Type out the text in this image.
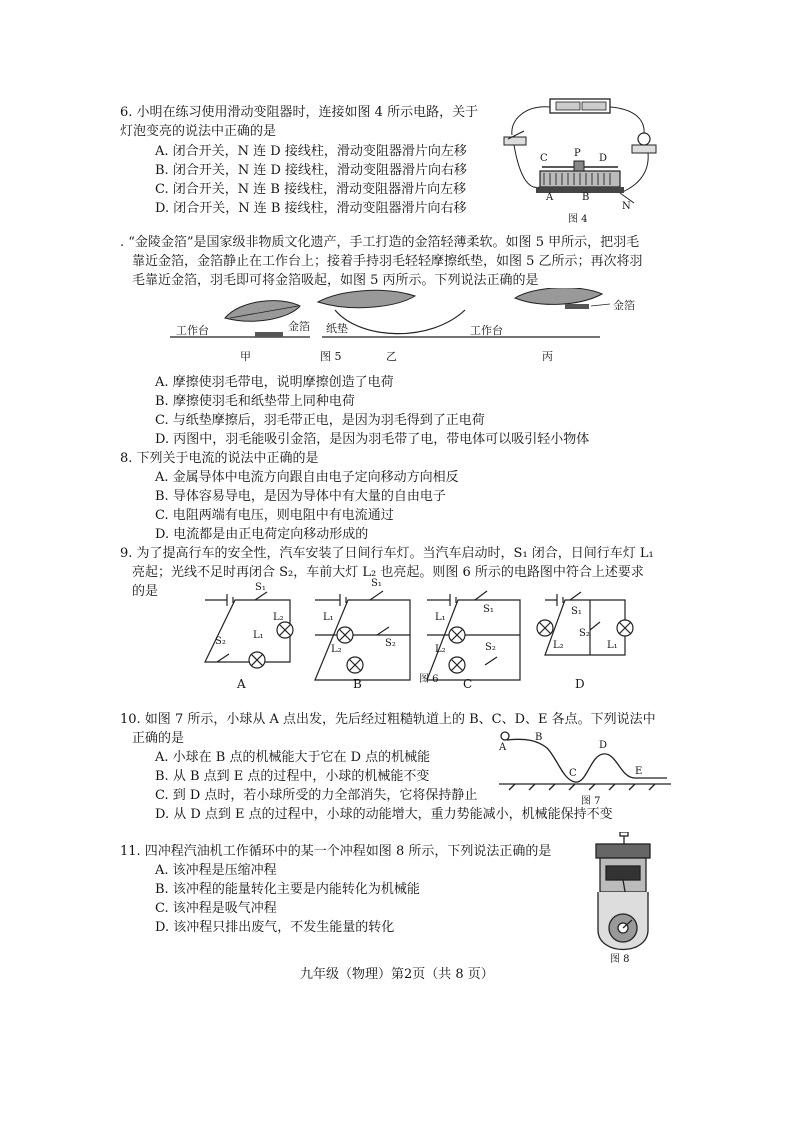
6. 小明在练习使用滑动变阻器时，连接如图 4 所示电路，关于
灯泡变亮的说法中正确的是
A. 闭合开关，N 连 D 接线柱，滑动变阻器滑片向左移
B. 闭合开关，N 连 D 接线柱，滑动变阻器滑片向右移
C. 闭合开关，N 连 B 接线柱，滑动变阻器滑片向左移
D. 闭合开关，N 连 B 接线柱，滑动变阻器滑片向右移
C	P D
A	B
N
图 4
. “金陵金箔”是国家级非物质文化遗产，手工打造的金箔轻薄柔软。如图 5 甲所示，把羽毛
靠近金箔，金箔静止在工作台上；接着手持羽毛轻轻摩擦纸垫，如图 5 乙所示；再次将羽
毛靠近金箔，羽毛即可将金箔吸起，如图 5 丙所示。下列说法正确的是
工作台	金箔 纸垫	工作台
金箔
甲	图 5	乙	丙
A. 摩擦使羽毛带电，说明摩擦创造了电荷
B. 摩擦使羽毛和纸垫带上同种电荷
C. 与纸垫摩擦后，羽毛带正电，是因为羽毛得到了正电荷
D. 丙图中，羽毛能吸引金箔，是因为羽毛带了电，带电体可以吸引轻小物体
8. 下列关于电流的说法中正确的是
A. 金属导体中电流方向跟自由电子定向移动方向相反
B. 导体容易导电，是因为导体中有大量的自由电子
C. 电阻两端有电压，则电阻中有电流通过
D. 电流都是由正电荷定向移动形成的
9. 为了提高行车的安全性，汽车安装了日间行车灯。当汽车启动时，S₁ 闭合，日间行车灯 L₁
亮起；光线不足时再闭合 S₂，车前大灯 L₂ 也亮起。则图 6 所示的电路图中符合上述要求
的是	S₁
L₂
L₁
S₂
S₁
L₁
S₂
L₂
S₁
L₁
L₂	S₂
S₁
S₂
L₂	L₁
A	B	图 6 C	D
10. 如图 7 所示，小球从 A 点出发，先后经过粗糙轨道上的 B、C、D、E 各点。下列说法中
正确的是
A. 小球在 B 点的机械能大于它在 D 点的机械能
B. 从 B 点到 E 点的过程中，小球的机械能不变
C. 到 D 点时，若小球所受的力全部消失，它将保持静止
D. 从 D 点到 E 点的过程中，小球的动能增大，重力势能减小，机械能保持不变
A
B
C
D
E
图 7
11. 四冲程汽油机工作循环中的某一个冲程如图 8 所示，下列说法正确的是
A. 该冲程是压缩冲程
B. 该冲程的能量转化主要是内能转化为机械能
C. 该冲程是吸气冲程
D. 该冲程只排出废气，不发生能量的转化
图 8
九年级（物理）第2页（共 8 页）
